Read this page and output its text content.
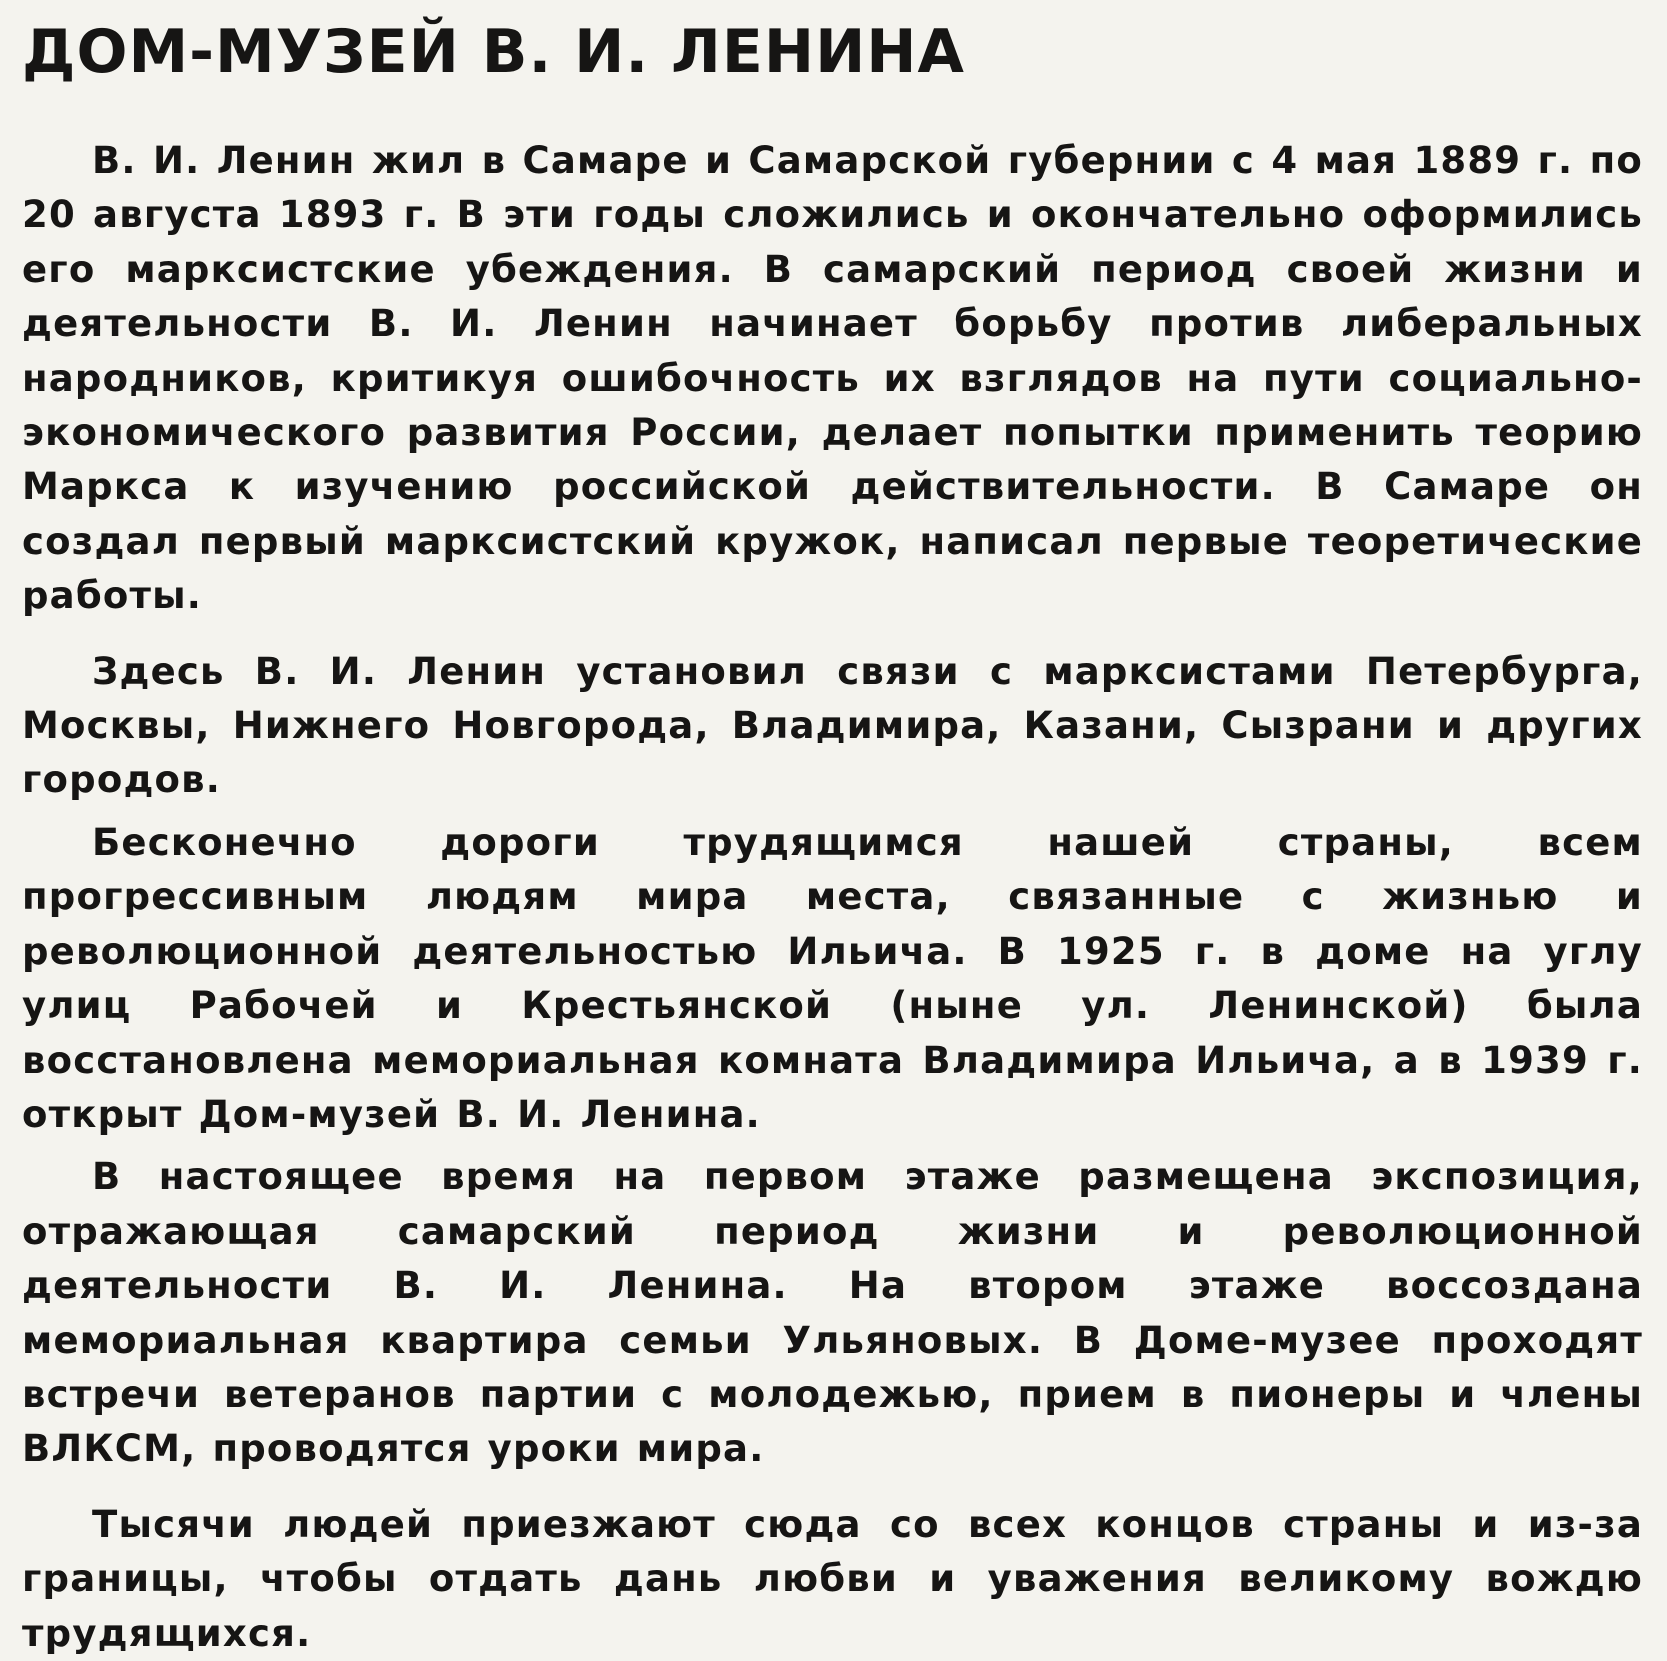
ДОМ-МУЗЕЙ В. И. ЛЕНИНА

В. И. Ленин жил в Самаре и Самарской губернии с 4 мая 1889 г. по 20 августа 1893 г. В эти годы сложились и окончательно оформились его марксистские убеждения. В самарский период своей жизни и деятельности В. И. Ленин начинает борьбу против либеральных народников, критикуя ошибочность их взглядов на пути социально-экономического развития России, делает попытки применить теорию Маркса к изучению российской действительности. В Самаре он создал первый марксистский кружок, написал первые теоретические работы.

Здесь В. И. Ленин установил связи с марксистами Петербурга, Москвы, Нижнего Новгорода, Владимира, Казани, Сызрани и других городов.

Бесконечно дороги трудящимся нашей страны, всем прогрессивным людям мира места, связанные с жизнью и революционной деятельностью Ильича. В 1925 г. в доме на углу улиц Рабочей и Крестьянской (ныне ул. Ленинской) была восстановлена мемориальная комната Владимира Ильича, а в 1939 г. открыт Дом-музей В. И. Ленина.

В настоящее время на первом этаже размещена экспозиция, отражающая самарский период жизни и революционной деятельности В. И. Ленина. На втором этаже воссоздана мемориальная квартира семьи Ульяновых. В Доме-музее проходят встречи ветеранов партии с молодежью, прием в пионеры и члены ВЛКСМ, проводятся уроки мира.

Тысячи людей приезжают сюда со всех концов страны и из-за границы, чтобы отдать дань любви и уважения великому вождю трудящихся.
